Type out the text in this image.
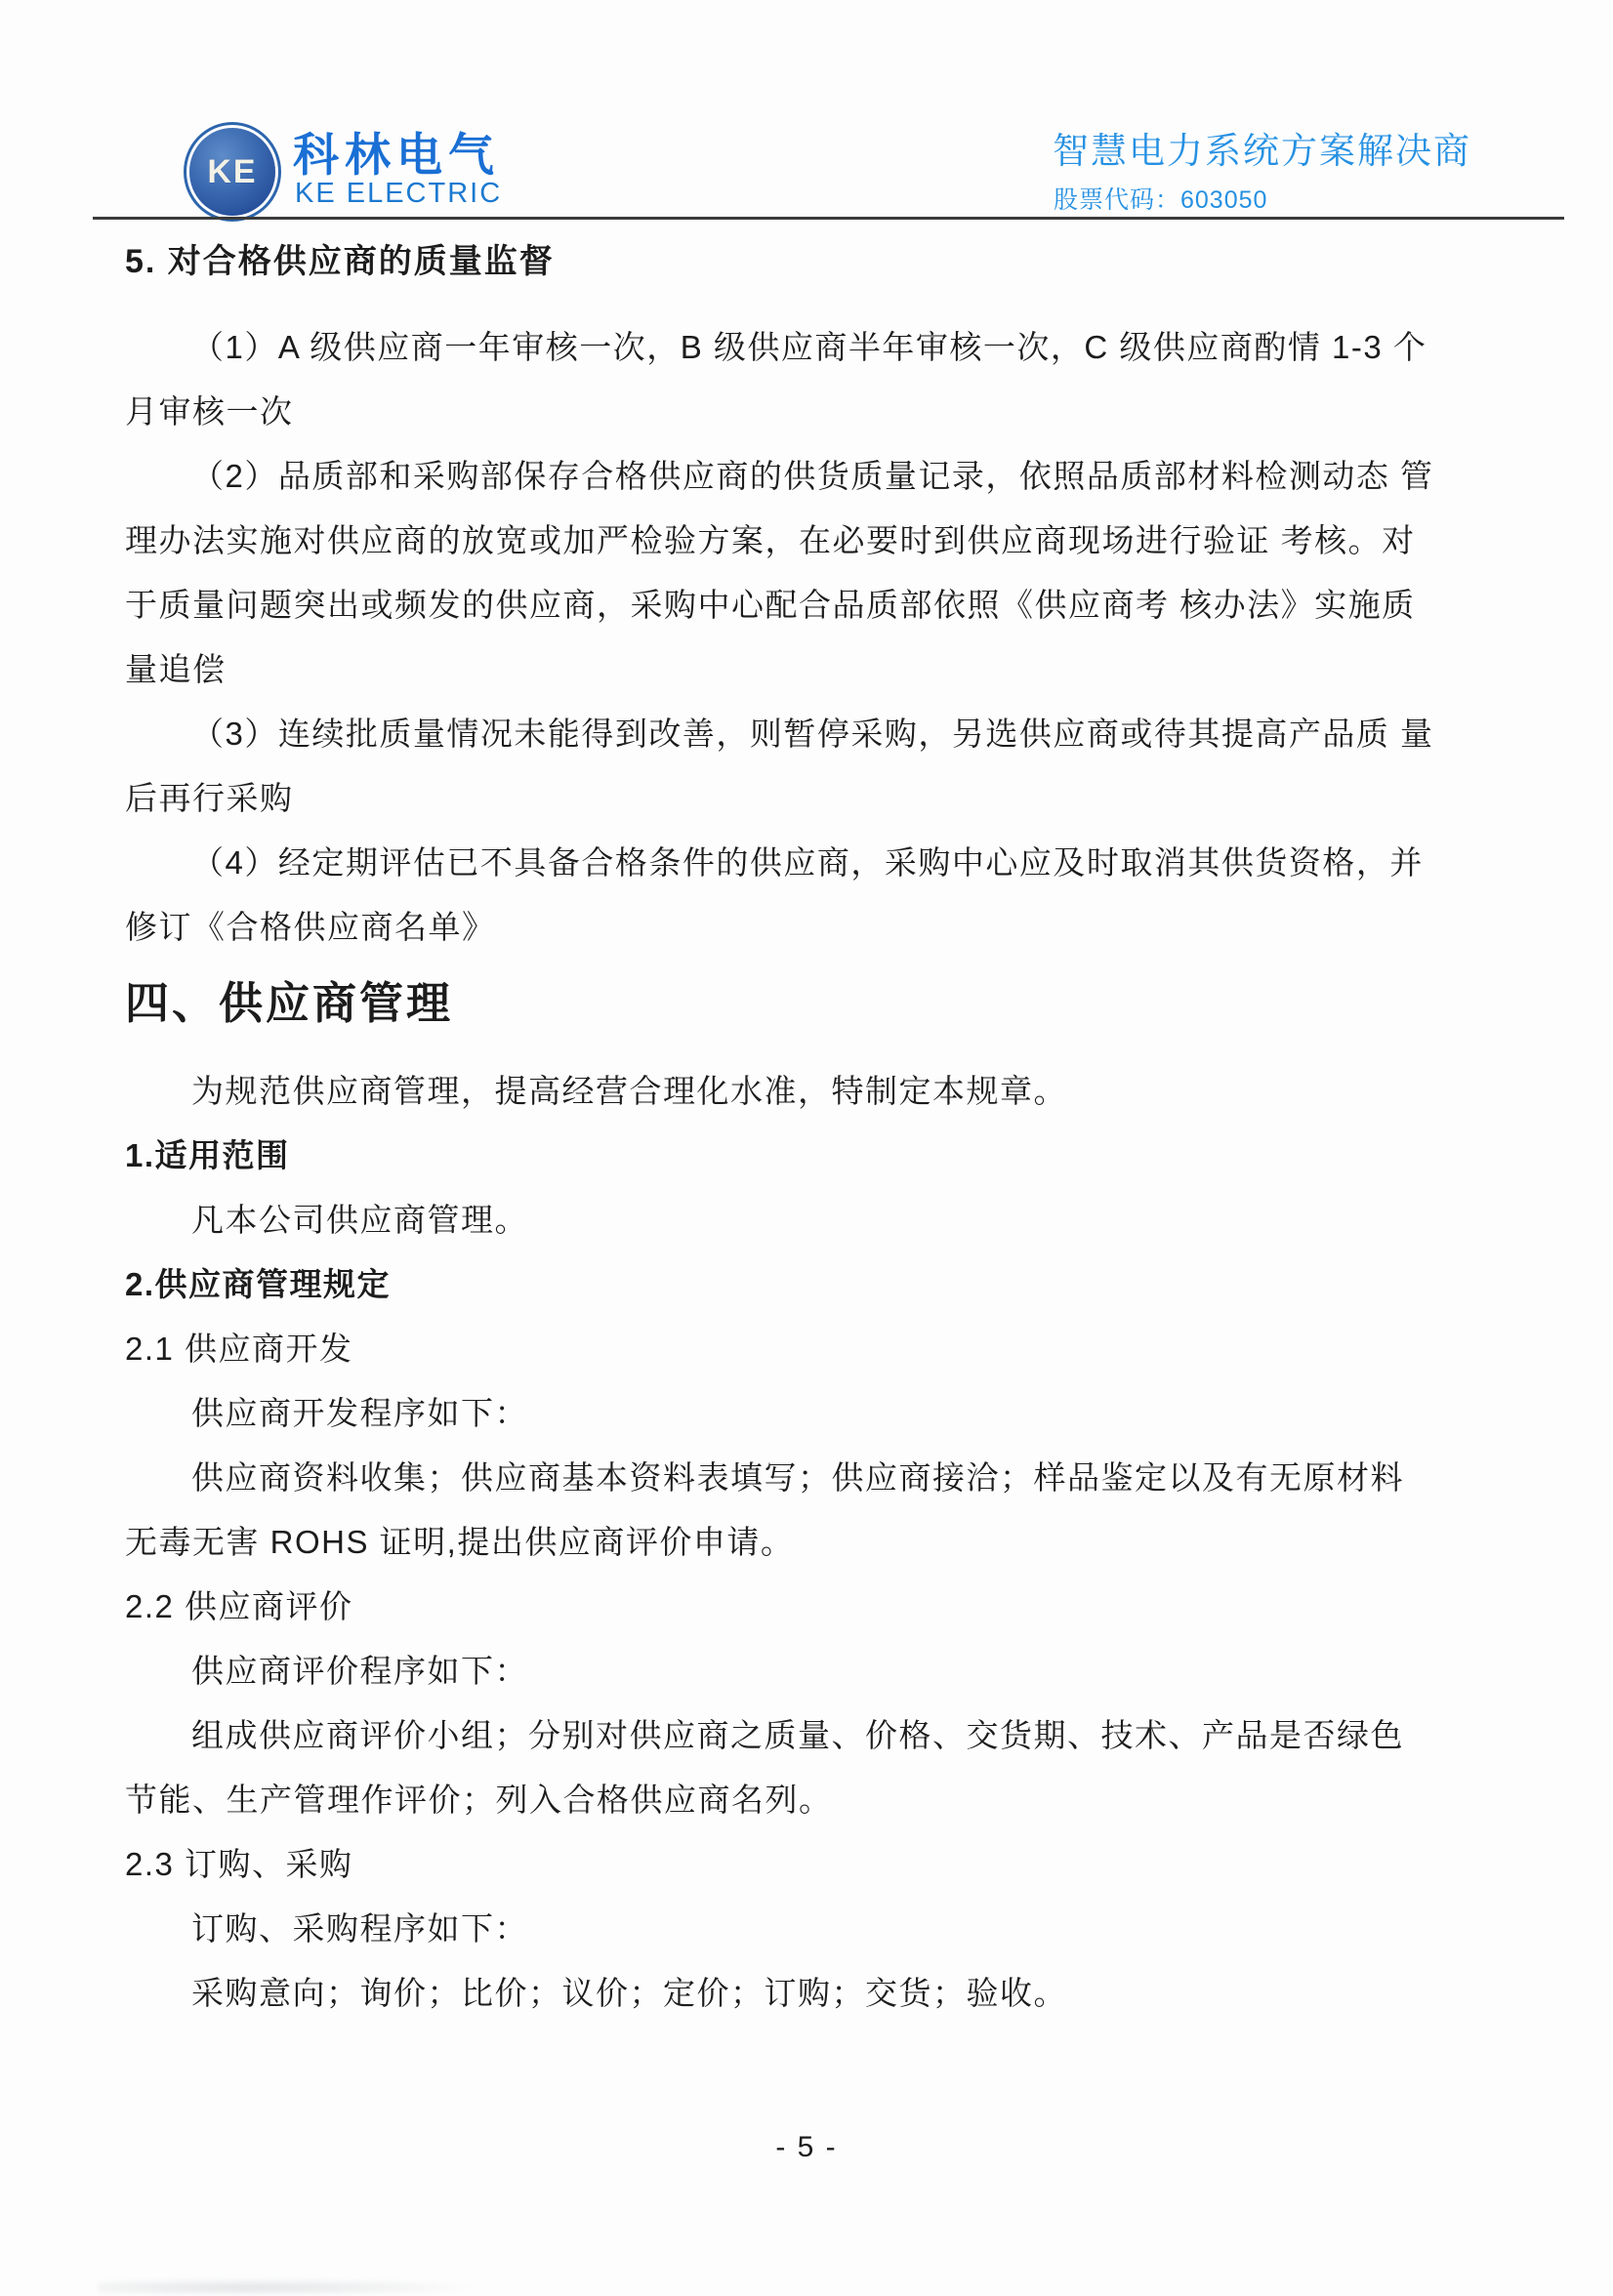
KE 科林电气
KE ELECTRIC
智慧电力系统方案解决商
股票代码：603050
5. 对合格供应商的质量监督
（1）A 级供应商一年审核一次，B 级供应商半年审核一次，C 级供应商酌情 1-3 个
月审核一次
（2）品质部和采购部保存合格供应商的供货质量记录，依照品质部材料检测动态 管
理办法实施对供应商的放宽或加严检验方案，在必要时到供应商现场进行验证 考核。对
于质量问题突出或频发的供应商，采购中心配合品质部依照《供应商考 核办法》实施质
量追偿
（3）连续批质量情况未能得到改善，则暂停采购，另选供应商或待其提高产品质 量
后再行采购
（4）经定期评估已不具备合格条件的供应商，采购中心应及时取消其供货资格，并
修订《合格供应商名单》
四、供应商管理
为规范供应商管理，提高经营合理化水准，特制定本规章。
1.适用范围
凡本公司供应商管理。
2.供应商管理规定
2.1 供应商开发
供应商开发程序如下：
供应商资料收集；供应商基本资料表填写；供应商接洽；样品鉴定以及有无原材料
无毒无害 ROHS 证明,提出供应商评价申请。
2.2 供应商评价
供应商评价程序如下：
组成供应商评价小组；分别对供应商之质量、价格、交货期、技术、产品是否绿色
节能、生产管理作评价；列入合格供应商名列。
2.3 订购、采购
订购、采购程序如下：
采购意向；询价；比价；议价；定价；订购；交货；验收。
- 5 -
